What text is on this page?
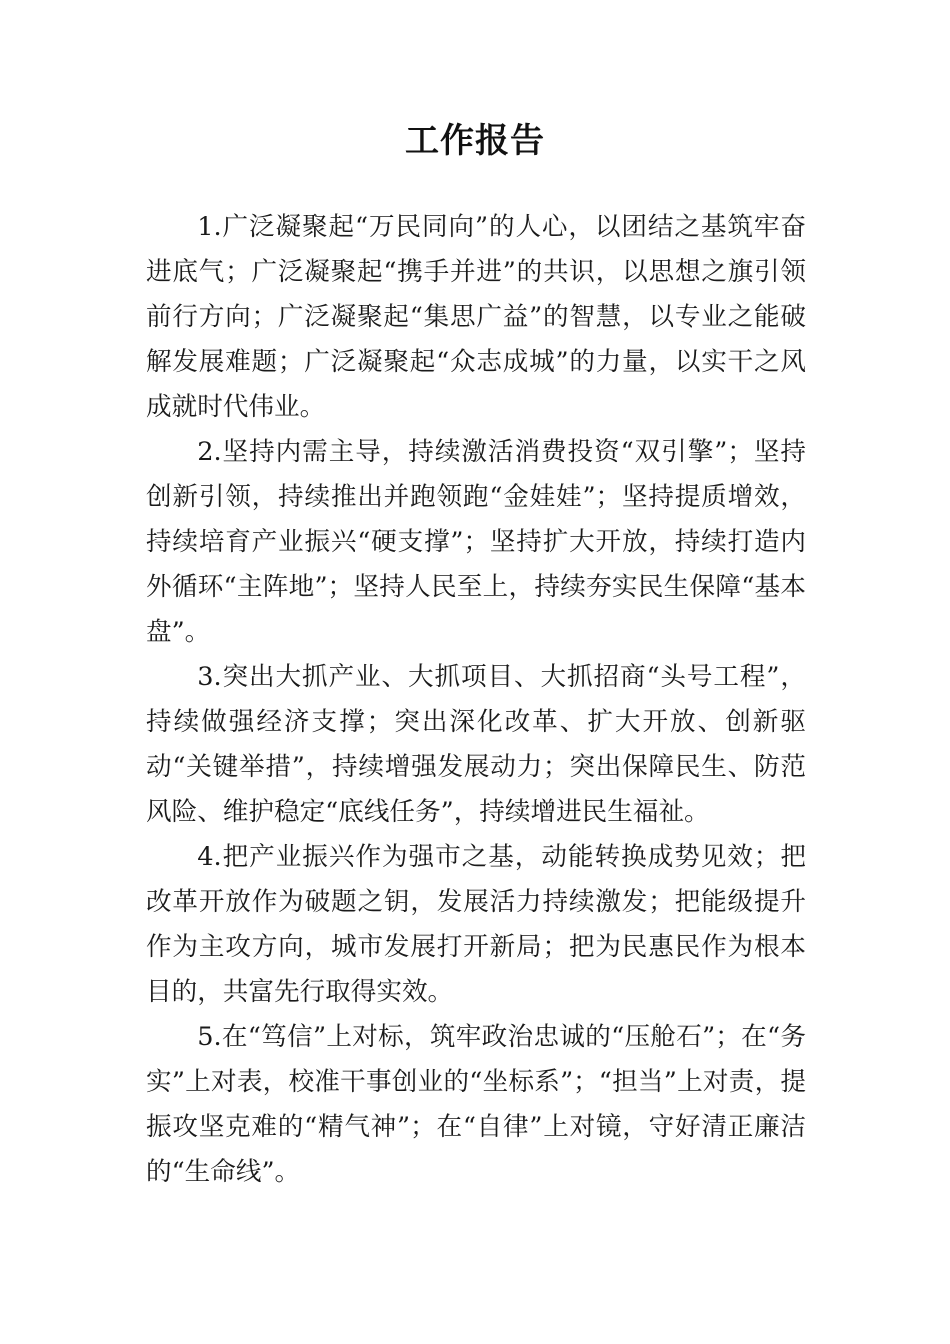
工作报告

1.广泛凝聚起“万民同向”的人心，以团结之基筑牢奋进底气；广泛凝聚起“携手并进”的共识，以思想之旗引领前行方向；广泛凝聚起“集思广益”的智慧，以专业之能破解发展难题；广泛凝聚起“众志成城”的力量，以实干之风成就时代伟业。

2.坚持内需主导，持续激活消费投资“双引擎”；坚持创新引领，持续推出并跑领跑“金娃娃”；坚持提质增效，持续培育产业振兴“硬支撑”；坚持扩大开放，持续打造内外循环“主阵地”；坚持人民至上，持续夯实民生保障“基本盘”。

3.突出大抓产业、大抓项目、大抓招商“头号工程”，持续做强经济支撑；突出深化改革、扩大开放、创新驱动“关键举措”，持续增强发展动力；突出保障民生、防范风险、维护稳定“底线任务”，持续增进民生福祉。

4.把产业振兴作为强市之基，动能转换成势见效；把改革开放作为破题之钥，发展活力持续激发；把能级提升作为主攻方向，城市发展打开新局；把为民惠民作为根本目的，共富先行取得实效。

5.在“笃信”上对标，筑牢政治忠诚的“压舱石”；在“务实”上对表，校准干事创业的“坐标系”；“担当”上对责，提振攻坚克难的“精气神”；在“自律”上对镜，守好清正廉洁的“生命线”。
